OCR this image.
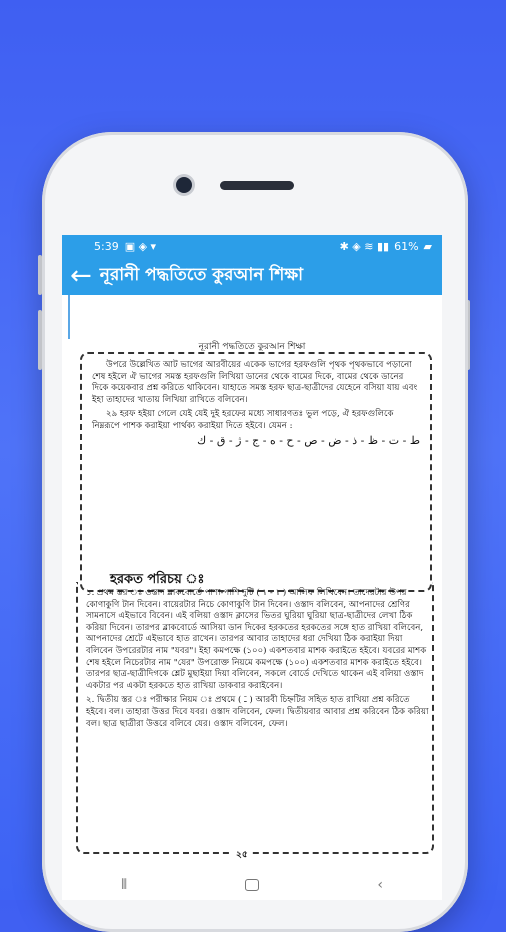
5:39 ▣ ◈ ▾	✱ ◈ ≋ ▮▮ 61% ▰
← নূরানী পদ্ধতিতে কুরআন শিক্ষা
নূরানী পদ্ধতিতে কুরআন শিক্ষা

উপরে উল্লেখিত আট ভাগের আরবীয়ের একেক ভাগের হরফগুলি পৃথক পৃথকভাবে পড়ানো শেষ হইলে ঐ ভাগের সমস্ত হরফগুলি লিখিয়া ডানের থেকে বামের দিকে, বামের থেকে ডানের দিকে কয়েকবার প্রশ্ন করিতে থাকিবেন। যাহাতে সমস্ত হরফ ছাত্র-ছাত্রীদের যেহেনে বসিয়া যায় এবং ইহা তাহাদের খাতায় লিখিয়া রাখিতে বলিবেন।

২৯ হরফ হইয়া গেলে যেই যেই দুই হরফের মধ্যে সাধারণতঃ ভুল পড়ে, ঐ হরফগুলিকে নিম্নরূপে পাশক করাইয়া পার্থক্য করাইয়া দিতে হইবে। যেমন :

ط - ت - ظ - ذ - ض - ص - ح - ه - ج - ژ - ق - ك
হরকত পরিচয় ঃ

১. প্রথম স্তর ঃ ওস্তাদ ব্লাকবোর্ডে পাশা-পাশি দুটি ( ١ - ١ ) আলিফ লিখিবেন। তাদেরটার উপর কোণাকুণি টান দিবেন। বায়েরটার নিচে কোণাকুণি টান দিবেন। ওস্তাদ বলিবেন, আপনাদের শ্রেণির সামনাসে এইভাবে বিবেন। এই বলিয়া ওস্তাদ ক্লাসের ভিতর ঘুরিয়া ঘুরিয়া ছাত্র-ছাত্রীদের লেখা ঠিক করিয়া দিবেন। তারপর ব্লাকবোর্ডে আসিয়া ডান দিকের হরকতের হরকতের সঙ্গে হাত রাখিয়া বলিবেন, আপনাদের শ্রেটে এইভাবে হাত রাখেন। তারপর আবার তাহাদের ধরা দেখিয়া ঠিক করাইয়া দিয়া বলিবেন উপরেরটার নাম "যবর"। ইহা কমপক্ষে (১০০) একশতবার মাশক করাইতে হইবে। যবরের মাশক শেষ হইলে নিচেরটার নাম "যের" উপরোক্ত নিয়মে কমপক্ষে (১০০) একশতবার মাশক করাইতে হইবে। তারপর ছাত্র-ছাত্রীদিগকে শ্লেট মুছাইয়া দিয়া বলিবেন, সকলে বোর্ডে দেখিতে থাকেন এই বলিয়া ওস্তাদ একটার পর একটা হরকতে হাত রাখিয়া ডাকবার করাইবেন।

২. দ্বিতীয় স্তর ঃ পরীক্ষার নিয়ম ঃ প্রথমে ( ـَ ) আরবী চিহ্নটির সহিত হাত রাখিয়া প্রশ্ন করিতে হইবে। বল। তাহারা উত্তর দিবে যবর। ওস্তাদ বলিবেন, ফেল। দ্বিতীয়বার আবার প্রশ্ন করিবেন ঠিক করিয়া বল। ছাত্র ছাত্রীরা উত্তরে বলিবে যের। ওস্তাদ বলিবেন, ফেল।

২৫
⦀	‹
